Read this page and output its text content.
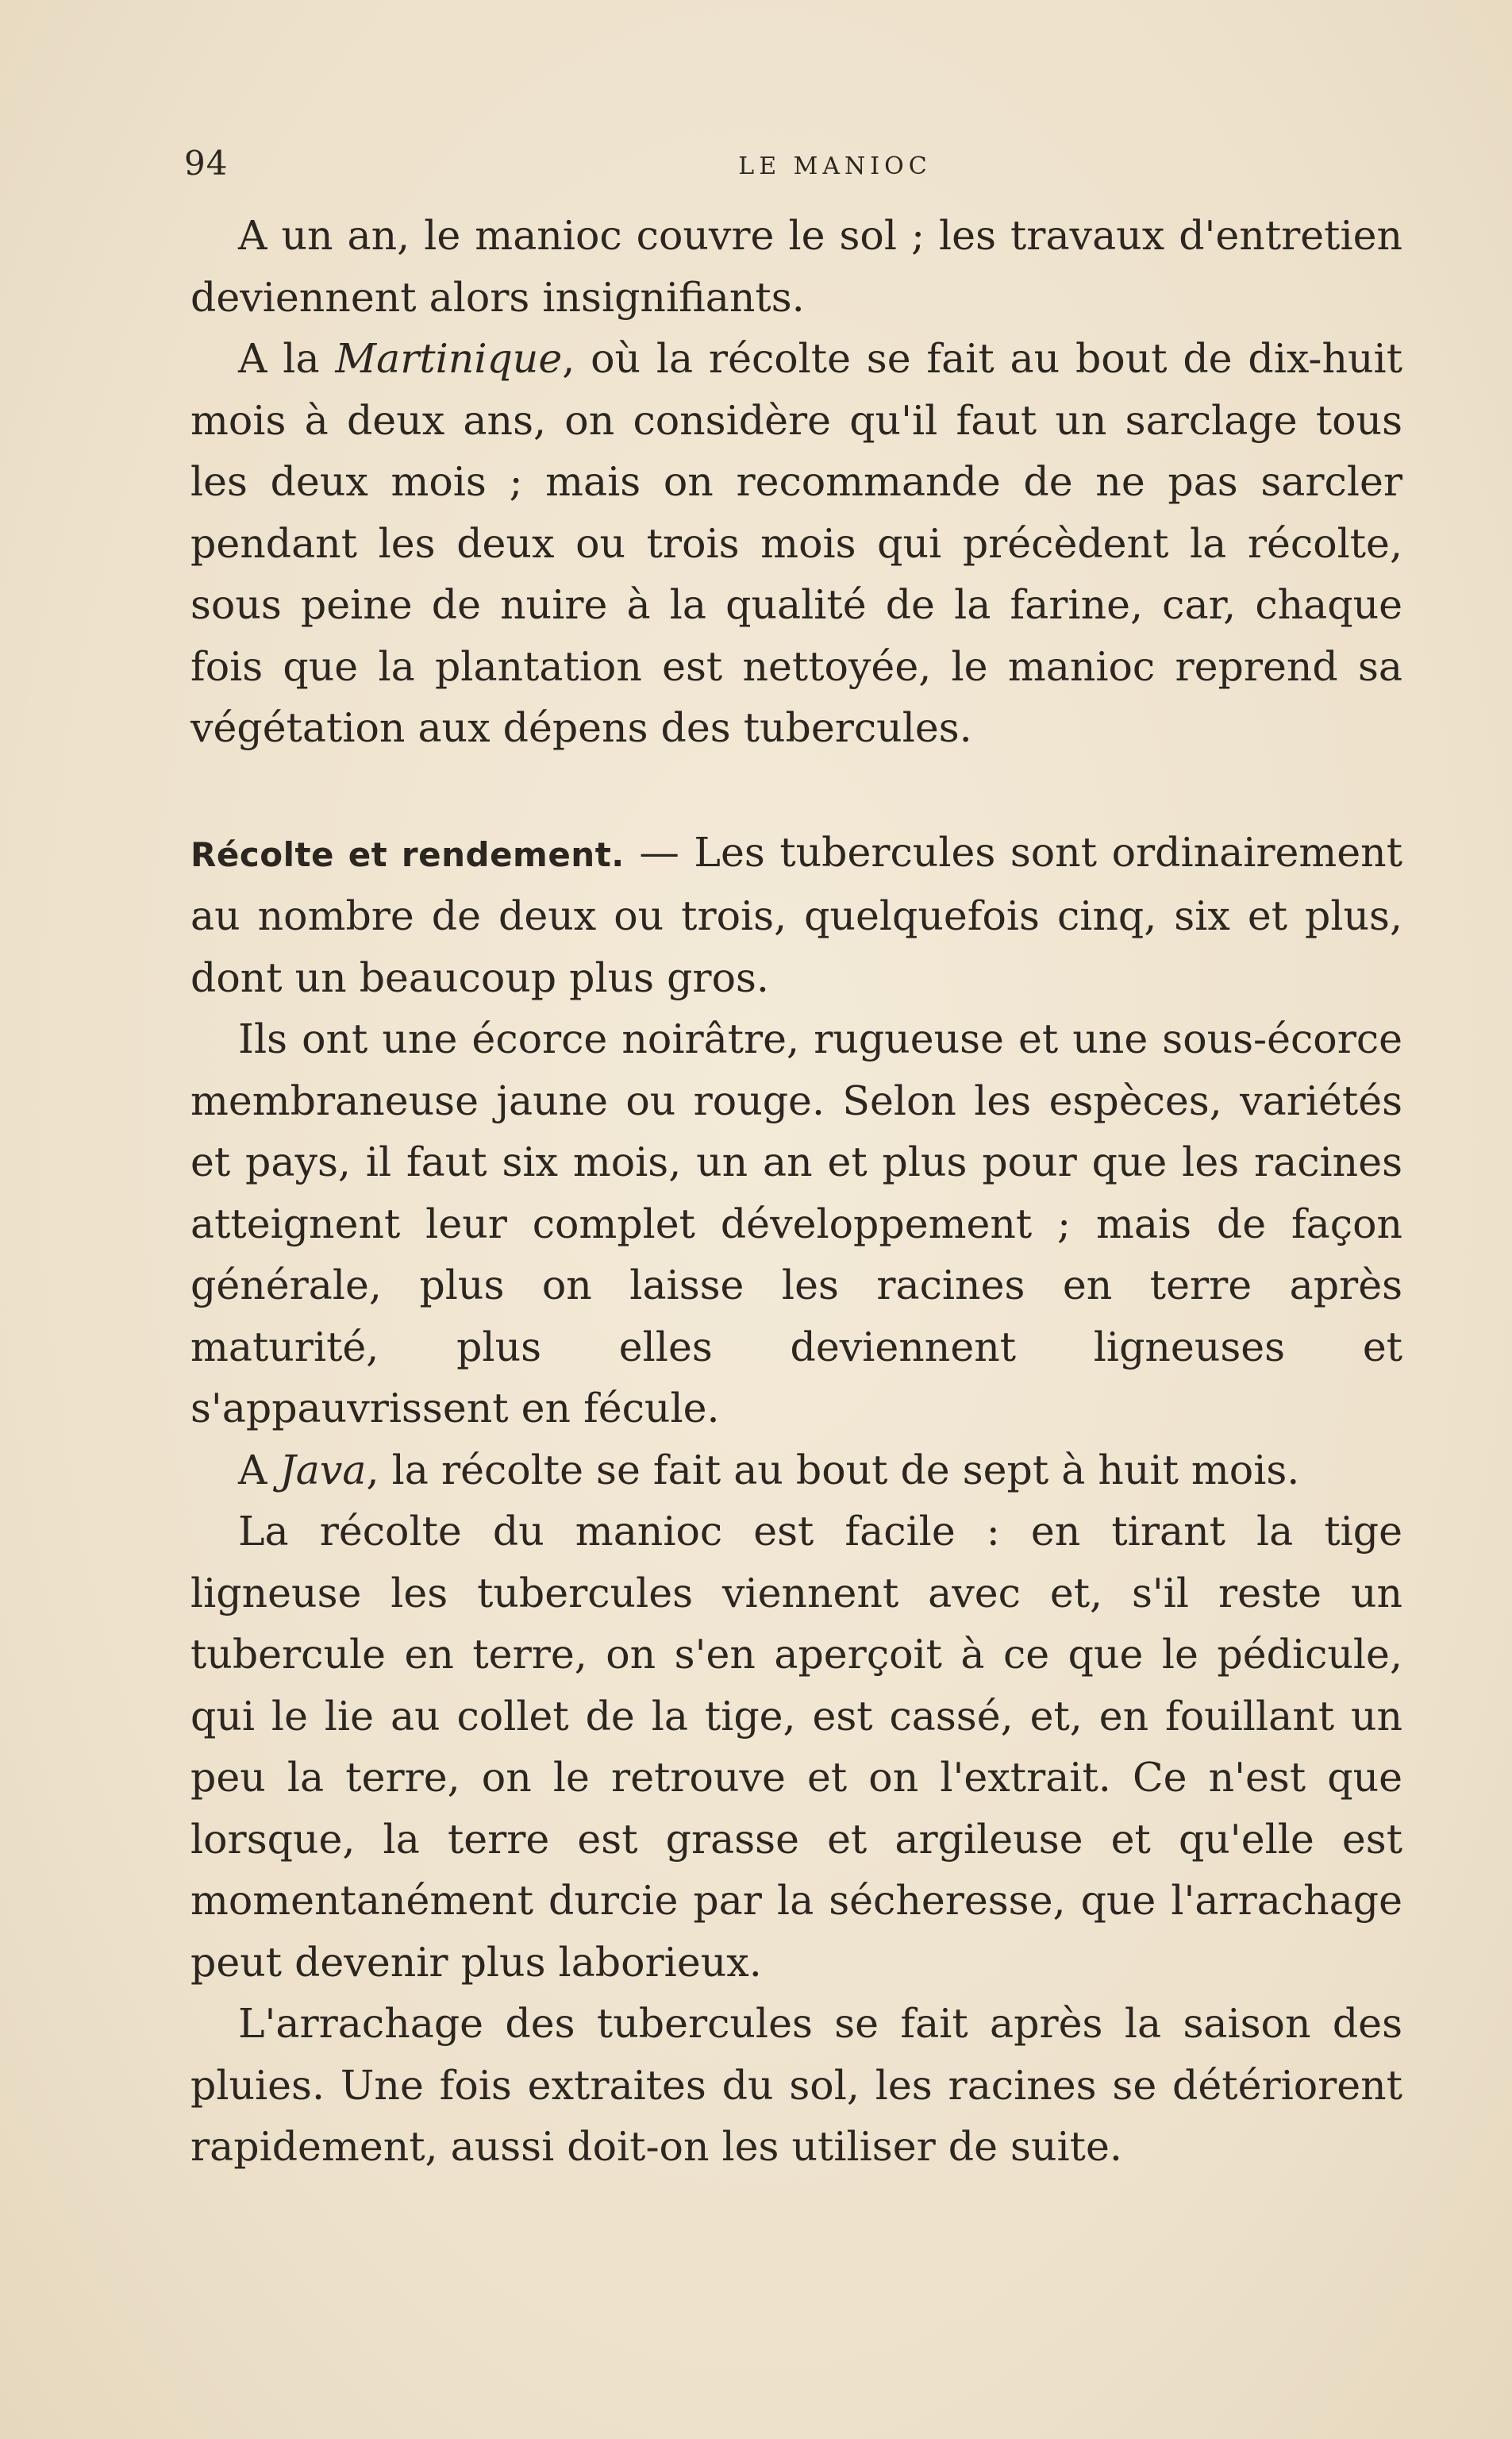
94	LE MANIOC

A un an, le manioc couvre le sol ; les travaux d'entretien deviennent alors insignifiants.

A la Martinique, où la récolte se fait au bout de dix-huit mois à deux ans, on considère qu'il faut un sarclage tous les deux mois ; mais on recommande de ne pas sarcler pendant les deux ou trois mois qui précèdent la récolte, sous peine de nuire à la qualité de la farine, car, chaque fois que la plantation est nettoyée, le manioc reprend sa végétation aux dépens des tubercules.

Récolte et rendement. — Les tubercules sont ordinairement au nombre de deux ou trois, quelquefois cinq, six et plus, dont un beaucoup plus gros.

Ils ont une écorce noirâtre, rugueuse et une sous-écorce membraneuse jaune ou rouge. Selon les espèces, variétés et pays, il faut six mois, un an et plus pour que les racines atteignent leur complet développement ; mais de façon générale, plus on laisse les racines en terre après maturité, plus elles deviennent ligneuses et s'appauvrissent en fécule.

A Java, la récolte se fait au bout de sept à huit mois.

La récolte du manioc est facile : en tirant la tige ligneuse les tubercules viennent avec et, s'il reste un tubercule en terre, on s'en aperçoit à ce que le pédicule, qui le lie au collet de la tige, est cassé, et, en fouillant un peu la terre, on le retrouve et on l'extrait. Ce n'est que lorsque, la terre est grasse et argileuse et qu'elle est momentanément durcie par la sécheresse, que l'arrachage peut devenir plus laborieux.

L'arrachage des tubercules se fait après la saison des pluies. Une fois extraites du sol, les racines se détériorent rapidement, aussi doit-on les utiliser de suite.
